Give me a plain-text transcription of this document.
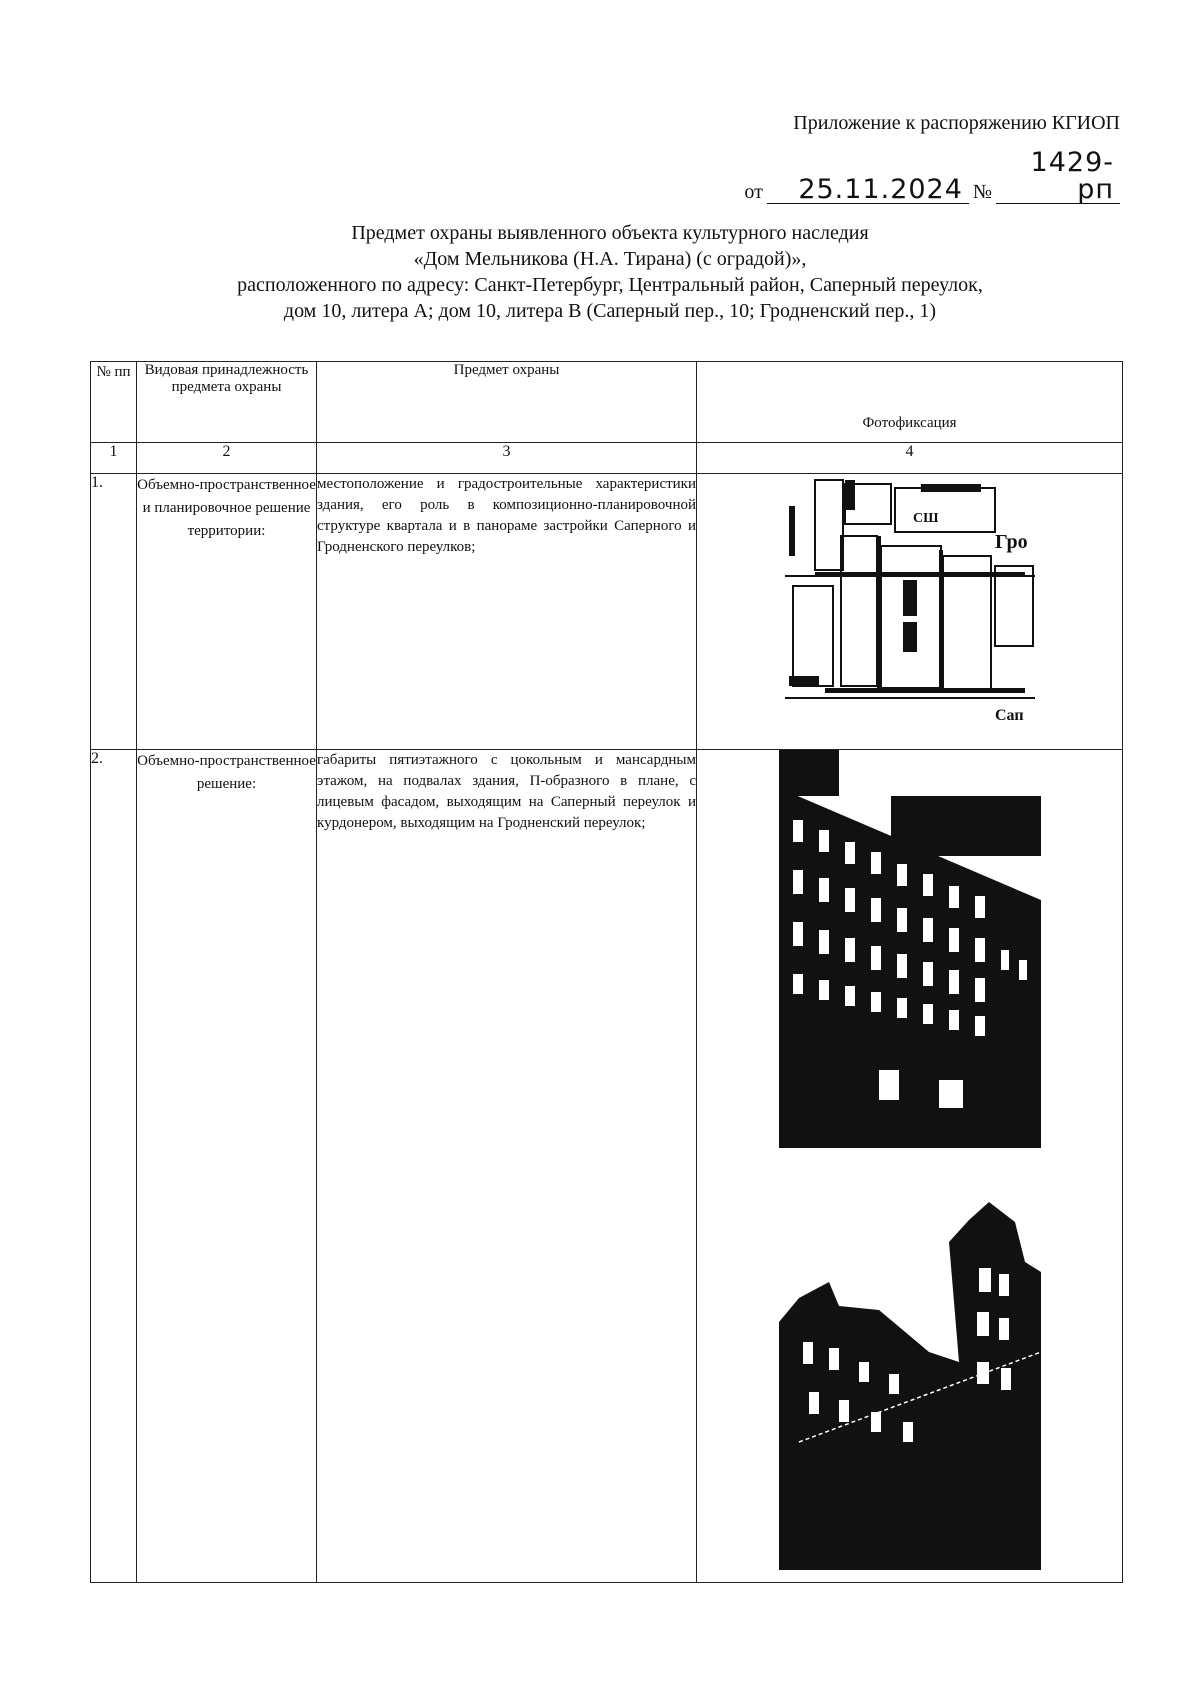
Приложение к распоряжению КГИОП
от	25.11.2024 №
1429-рп
Предмет охраны выявленного объекта культурного наследия
«Дом Мельникова (Н.А. Тирана) (с оградой)»,
расположенного по адресу: Санкт-Петербург, Центральный район, Саперный переулок,
дом 10, литера А; дом 10, литера В (Саперный пер., 10; Гродненский пер., 1)
№ пп	Видовая принадлежность предмета охраны	Предмет охраны	Фотофиксация
1	2	3	4
1.	Объемно-пространственное и планировочное решение территории:	местоположение и градостроительные характеристики здания, его роль в композиционно-планировочной структуре квартала и в панораме застройки Саперного и Гродненского переулков;	СШ
Гро
Сап

2.	Объемно-пространственное решение:	габариты пятиэтажного с цокольным и мансардным этажом, на подвалах здания, П-образного в плане, с лицевым фасадом, выходящим на Саперный переулок и курдонером, выходящим на Гродненский переулок;	
